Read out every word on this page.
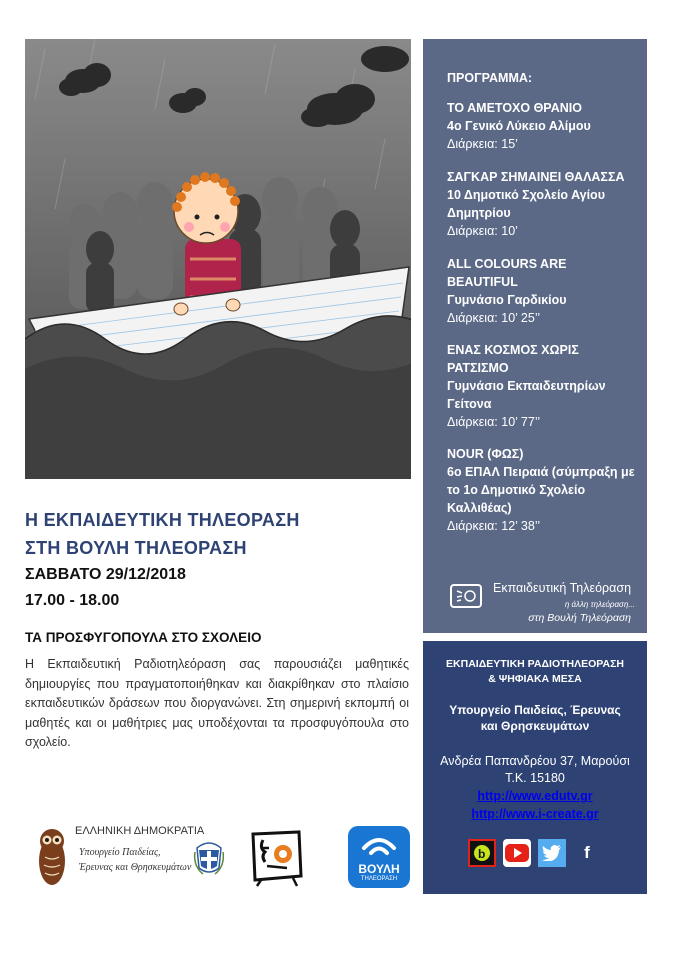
ΠΡΟΓΡΑΜΜΑ:
ΤΟ ΑΜΕΤΟΧΟ ΘΡΑΝΙΟ
4ο Γενικό Λύκειο Αλίμου
Διάρκεια: 15’
ΣΑΓΚΑΡ ΣΗΜΑΙΝΕΙ ΘΑΛΑΣΣΑ
10 Δημοτικό Σχολείο Αγίου Δημητρίου
Διάρκεια: 10’
ALL COLOURS ARE BEAUTIFUL
Γυμνάσιο Γαρδικίου
Διάρκεια: 10’ 25’’
ΕΝΑΣ ΚΟΣΜΟΣ ΧΩΡΙΣ ΡΑΤΣΙΣΜΟ
Γυμνάσιο Εκπαιδευτηρίων Γείτονα
Διάρκεια: 10’ 77’’
NOUR (ΦΩΣ)
6ο ΕΠΑΛ Πειραιά (σύμπραξη με το 1ο Δημοτικό Σχολείο Καλλιθέας)
Διάρκεια: 12’ 38’’
Εκπαιδευτική Τηλεόραση
η άλλη τηλεόραση...
στη Βουλή Τηλεόραση
ΕΚΠΑΙΔΕΥΤΙΚΗ ΡΑΔΙΟΤΗΛΕΟΡΑΣΗ
& ΨΗΦΙΑΚΑ ΜΕΣΑ
Υπουργείο Παιδείας, Έρευνας
και Θρησκευμάτων
Ανδρέα Παπανδρέου 37, Μαρούσι
Τ.Κ. 15180
http://www.edutv.gr
http://www.i-create.gr
b	f
Η ΕΚΠΑΙΔΕΥΤΙΚΗ ΤΗΛΕΟΡΑΣΗ
ΣΤΗ ΒΟΥΛΗ ΤΗΛΕΟΡΑΣΗ
ΣΑΒΒΑΤΟ 29/12/2018
17.00 - 18.00
ΤΑ ΠΡΟΣΦΥΓΟΠΟΥΛΑ ΣΤΟ ΣΧΟΛΕΙΟ
Η Εκπαιδευτική Ραδιοτηλεόραση σας παρουσιάζει μαθητικές δημιουργίες που πραγματοποιήθηκαν και διακρίθηκαν στο πλαίσιο εκπαιδευτικών δράσεων που διοργανώνει. Στη σημερινή εκπομπή οι μαθητές και οι μαθήτριες μας υποδέχονται τα προσφυγόπουλα στο σχολείο.
ΕΛΛΗΝΙΚΗ ΔΗΜΟΚΡΑΤΙΑ
Υπουργείο Παιδείας,
Έρευνας και Θρησκευμάτων	ΒΟΥΛΗ
ΤΗΛΕΟΡΑΣΗ
